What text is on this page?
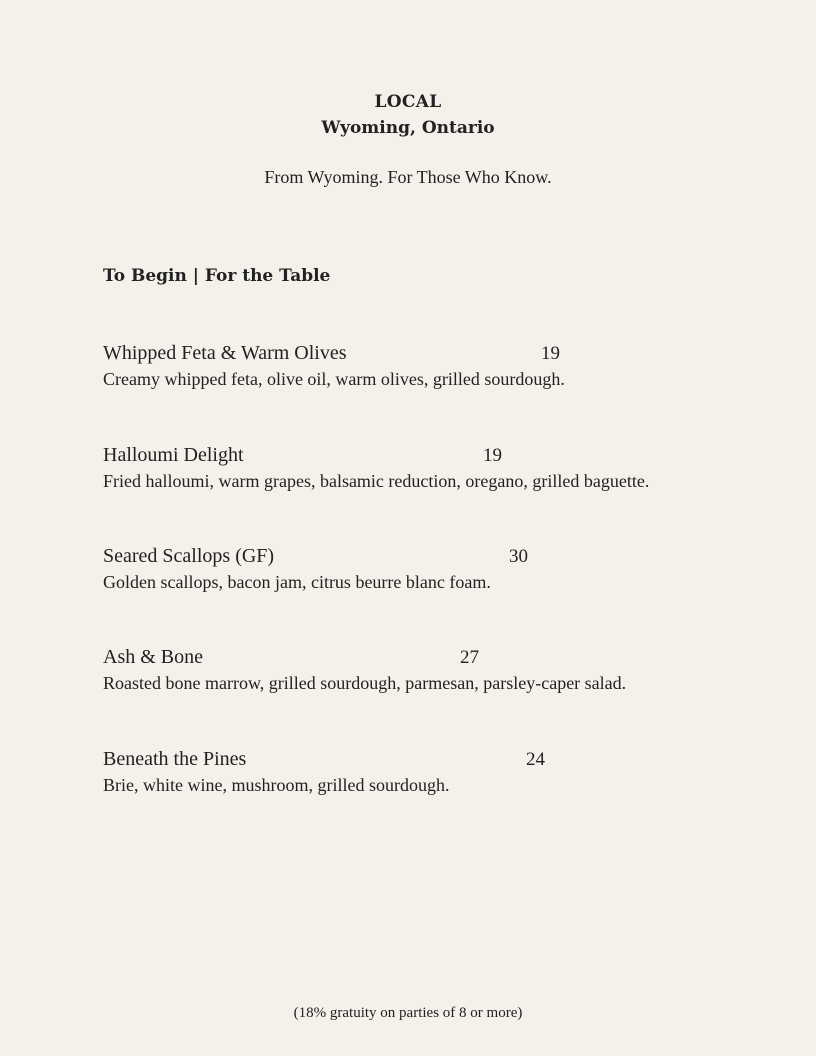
LOCAL
Wyoming, Ontario
From Wyoming. For Those Who Know.
To Begin | For the Table
Whipped Feta & Warm Olives	19
Creamy whipped feta, olive oil, warm olives, grilled sourdough.
Halloumi Delight	19
Fried halloumi, warm grapes, balsamic reduction, oregano, grilled baguette.
Seared Scallops (GF)	30
Golden scallops, bacon jam, citrus beurre blanc foam.
Ash & Bone	27
Roasted bone marrow, grilled sourdough, parmesan, parsley-caper salad.
Beneath the Pines	24
Brie, white wine, mushroom, grilled sourdough.
(18% gratuity on parties of 8 or more)
